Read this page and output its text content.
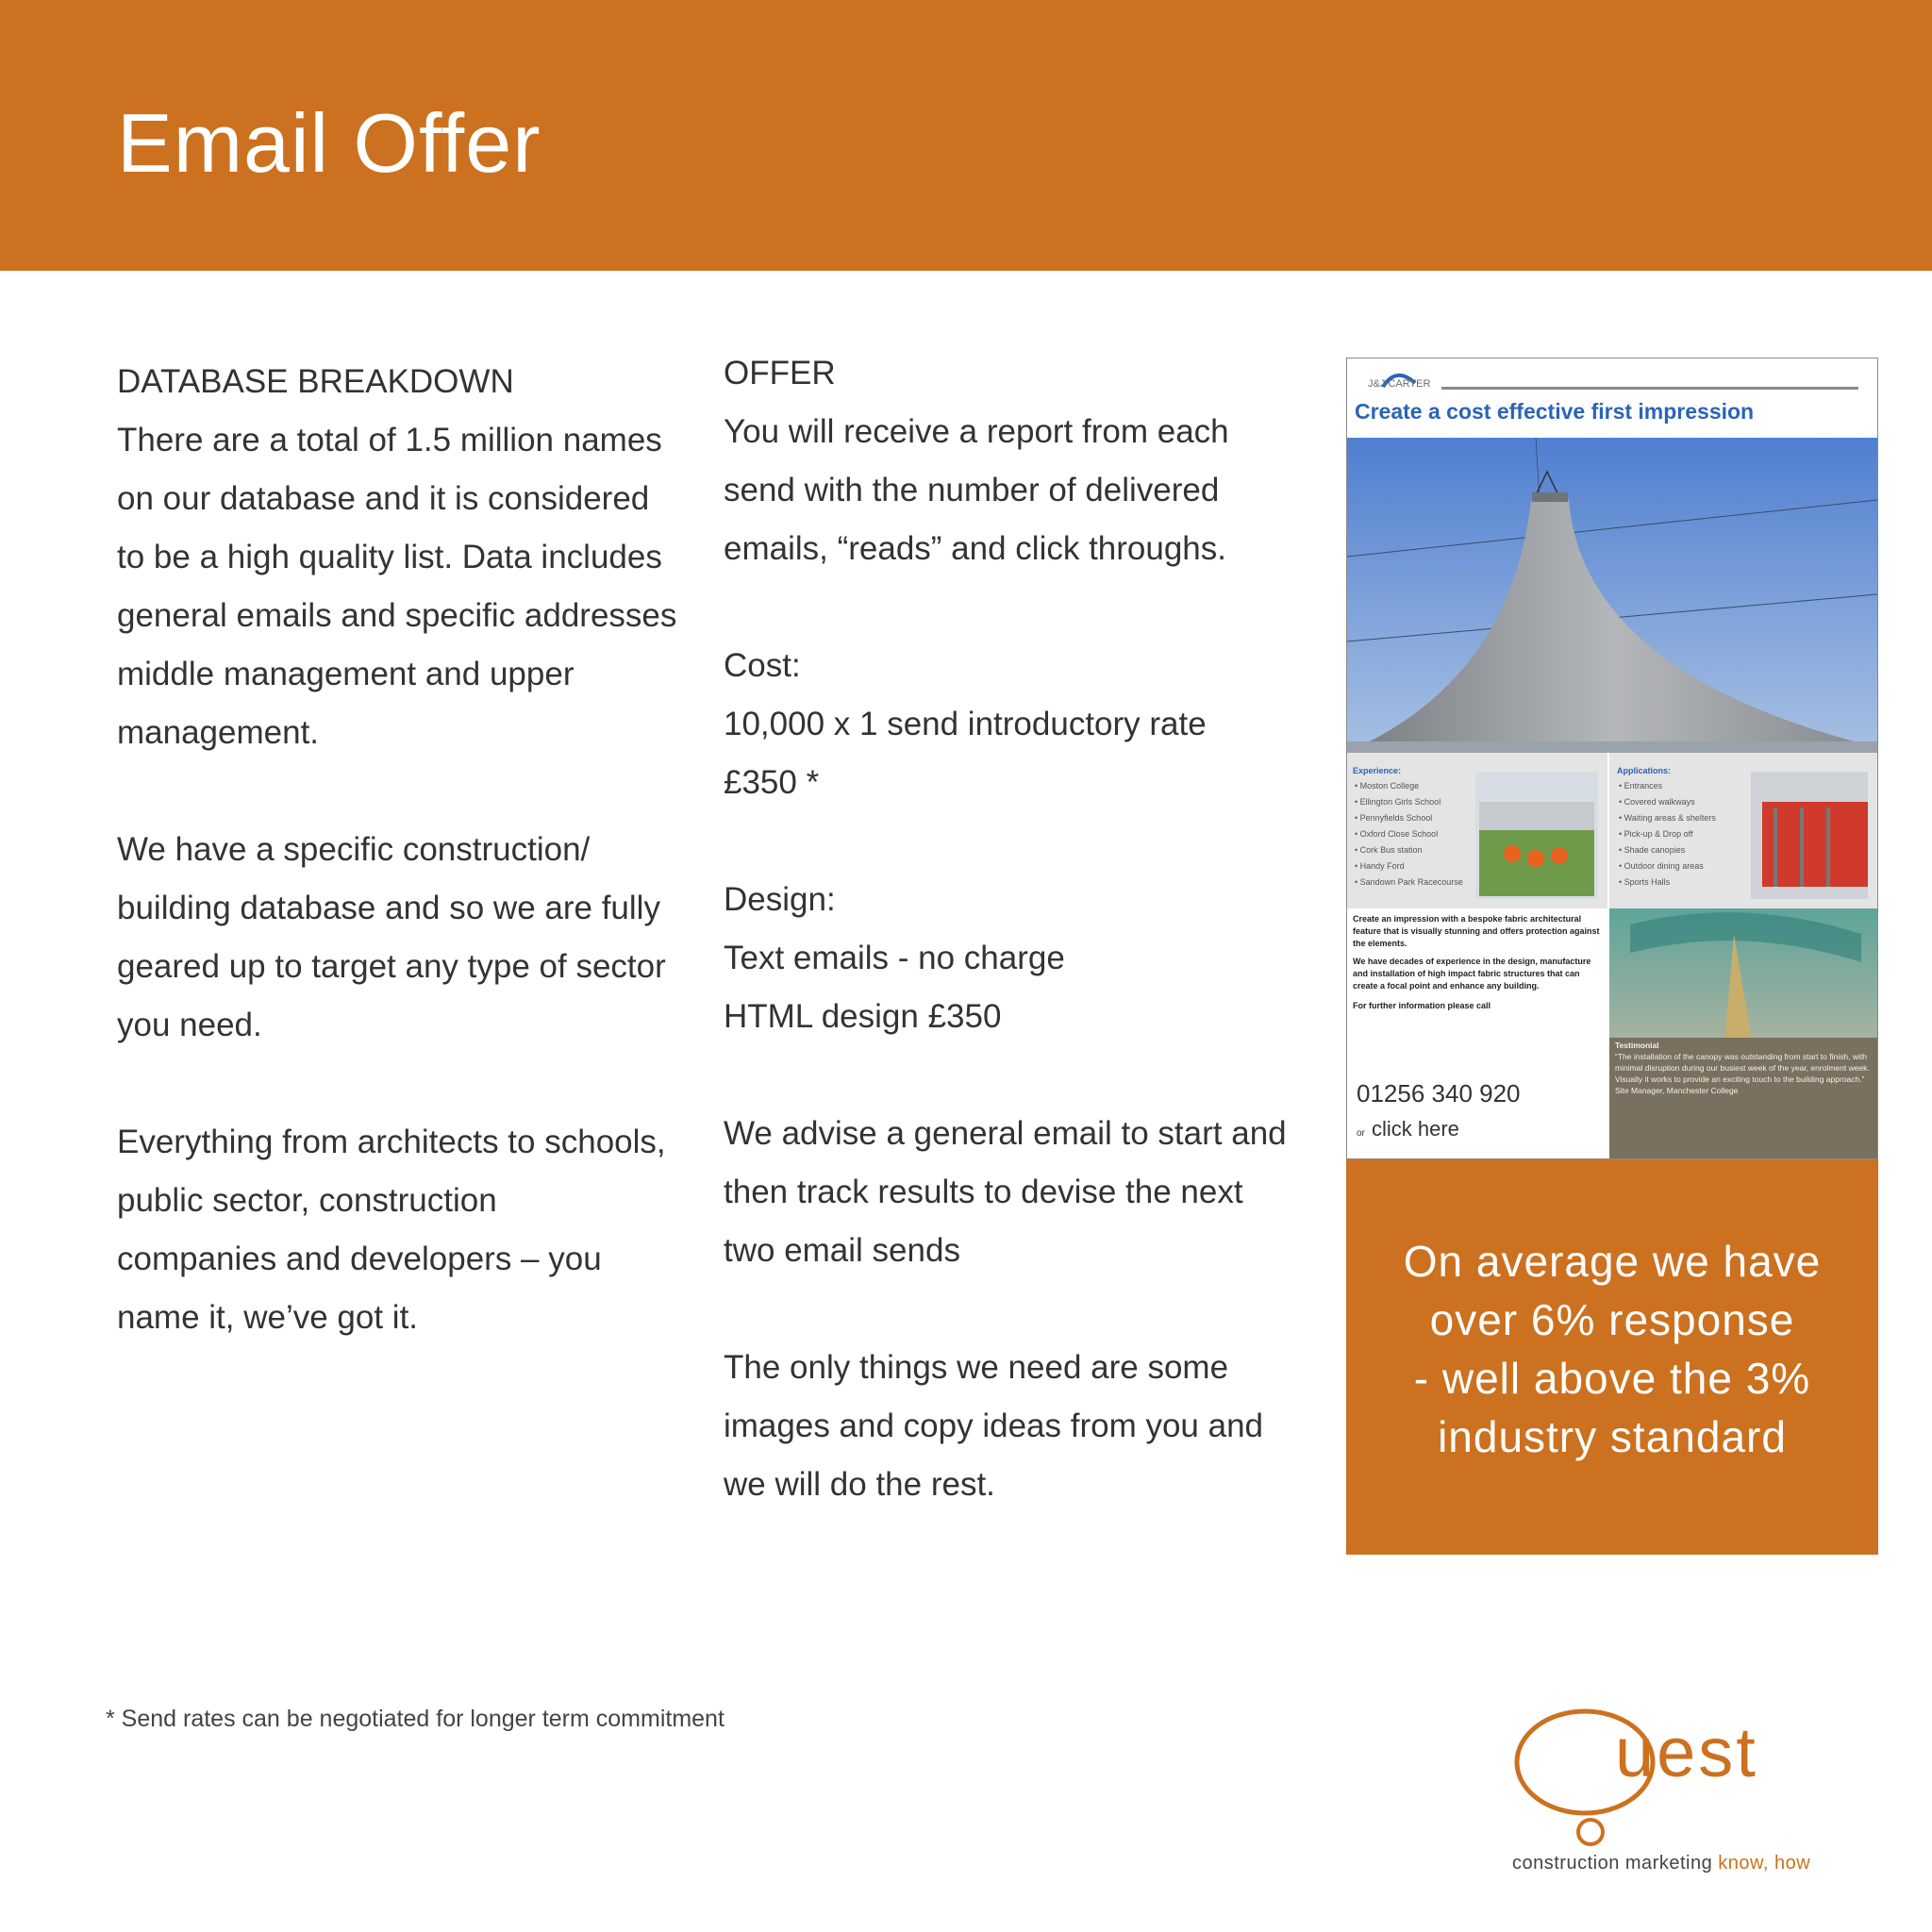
Email Offer
DATABASE BREAKDOWN
There are a total of 1.5 million names
on our database and it is considered
to be a high quality list. Data includes
general emails and specific addresses
middle management and upper
management.
We have a specific construction/
building database and so we are fully
geared up to target any type of sector
you need.
Everything from architects to schools,
public sector, construction
companies and developers – you
name it, we’ve got it.
OFFER
You will receive a report from each
send with the number of delivered
emails, “reads” and click throughs.
Cost:
10,000 x 1 send introductory rate
£350 *
Design:
Text emails - no charge
HTML design £350
We advise a general email to start and
then track results to devise the next
two email sends
The only things we need are some
images and copy ideas from you and
we will do the rest.
J&J CARTER
Create a cost effective first impression
Experience:
• Moston College
• Ellington Girls School
• Pennyfields School
• Oxford Close School
• Cork Bus station
• Handy Ford
• Sandown Park Racecourse
Applications:
• Entrances
• Covered walkways
• Waiting areas & shelters
• Pick-up & Drop off
• Shade canopies
• Outdoor dining areas
• Sports Halls
Create an impression with a bespoke fabric architectural feature that is visually stunning and offers protection against the elements.
We have decades of experience in the design, manufacture and installation of high impact fabric structures that can create a focal point and enhance any building.
For further information please call
01256 340 920
or click here
Testimonial
“The installation of the canopy was outstanding from start to finish, with minimal disruption during our busiest week of the year, enrolment week. Visually it works to provide an exciting touch to the building approach.”
Site Manager, Manchester College
On average we have
over 6% response
- well above the 3%
industry standard
* Send rates can be negotiated for longer term commitment	uest
construction marketing know, how
